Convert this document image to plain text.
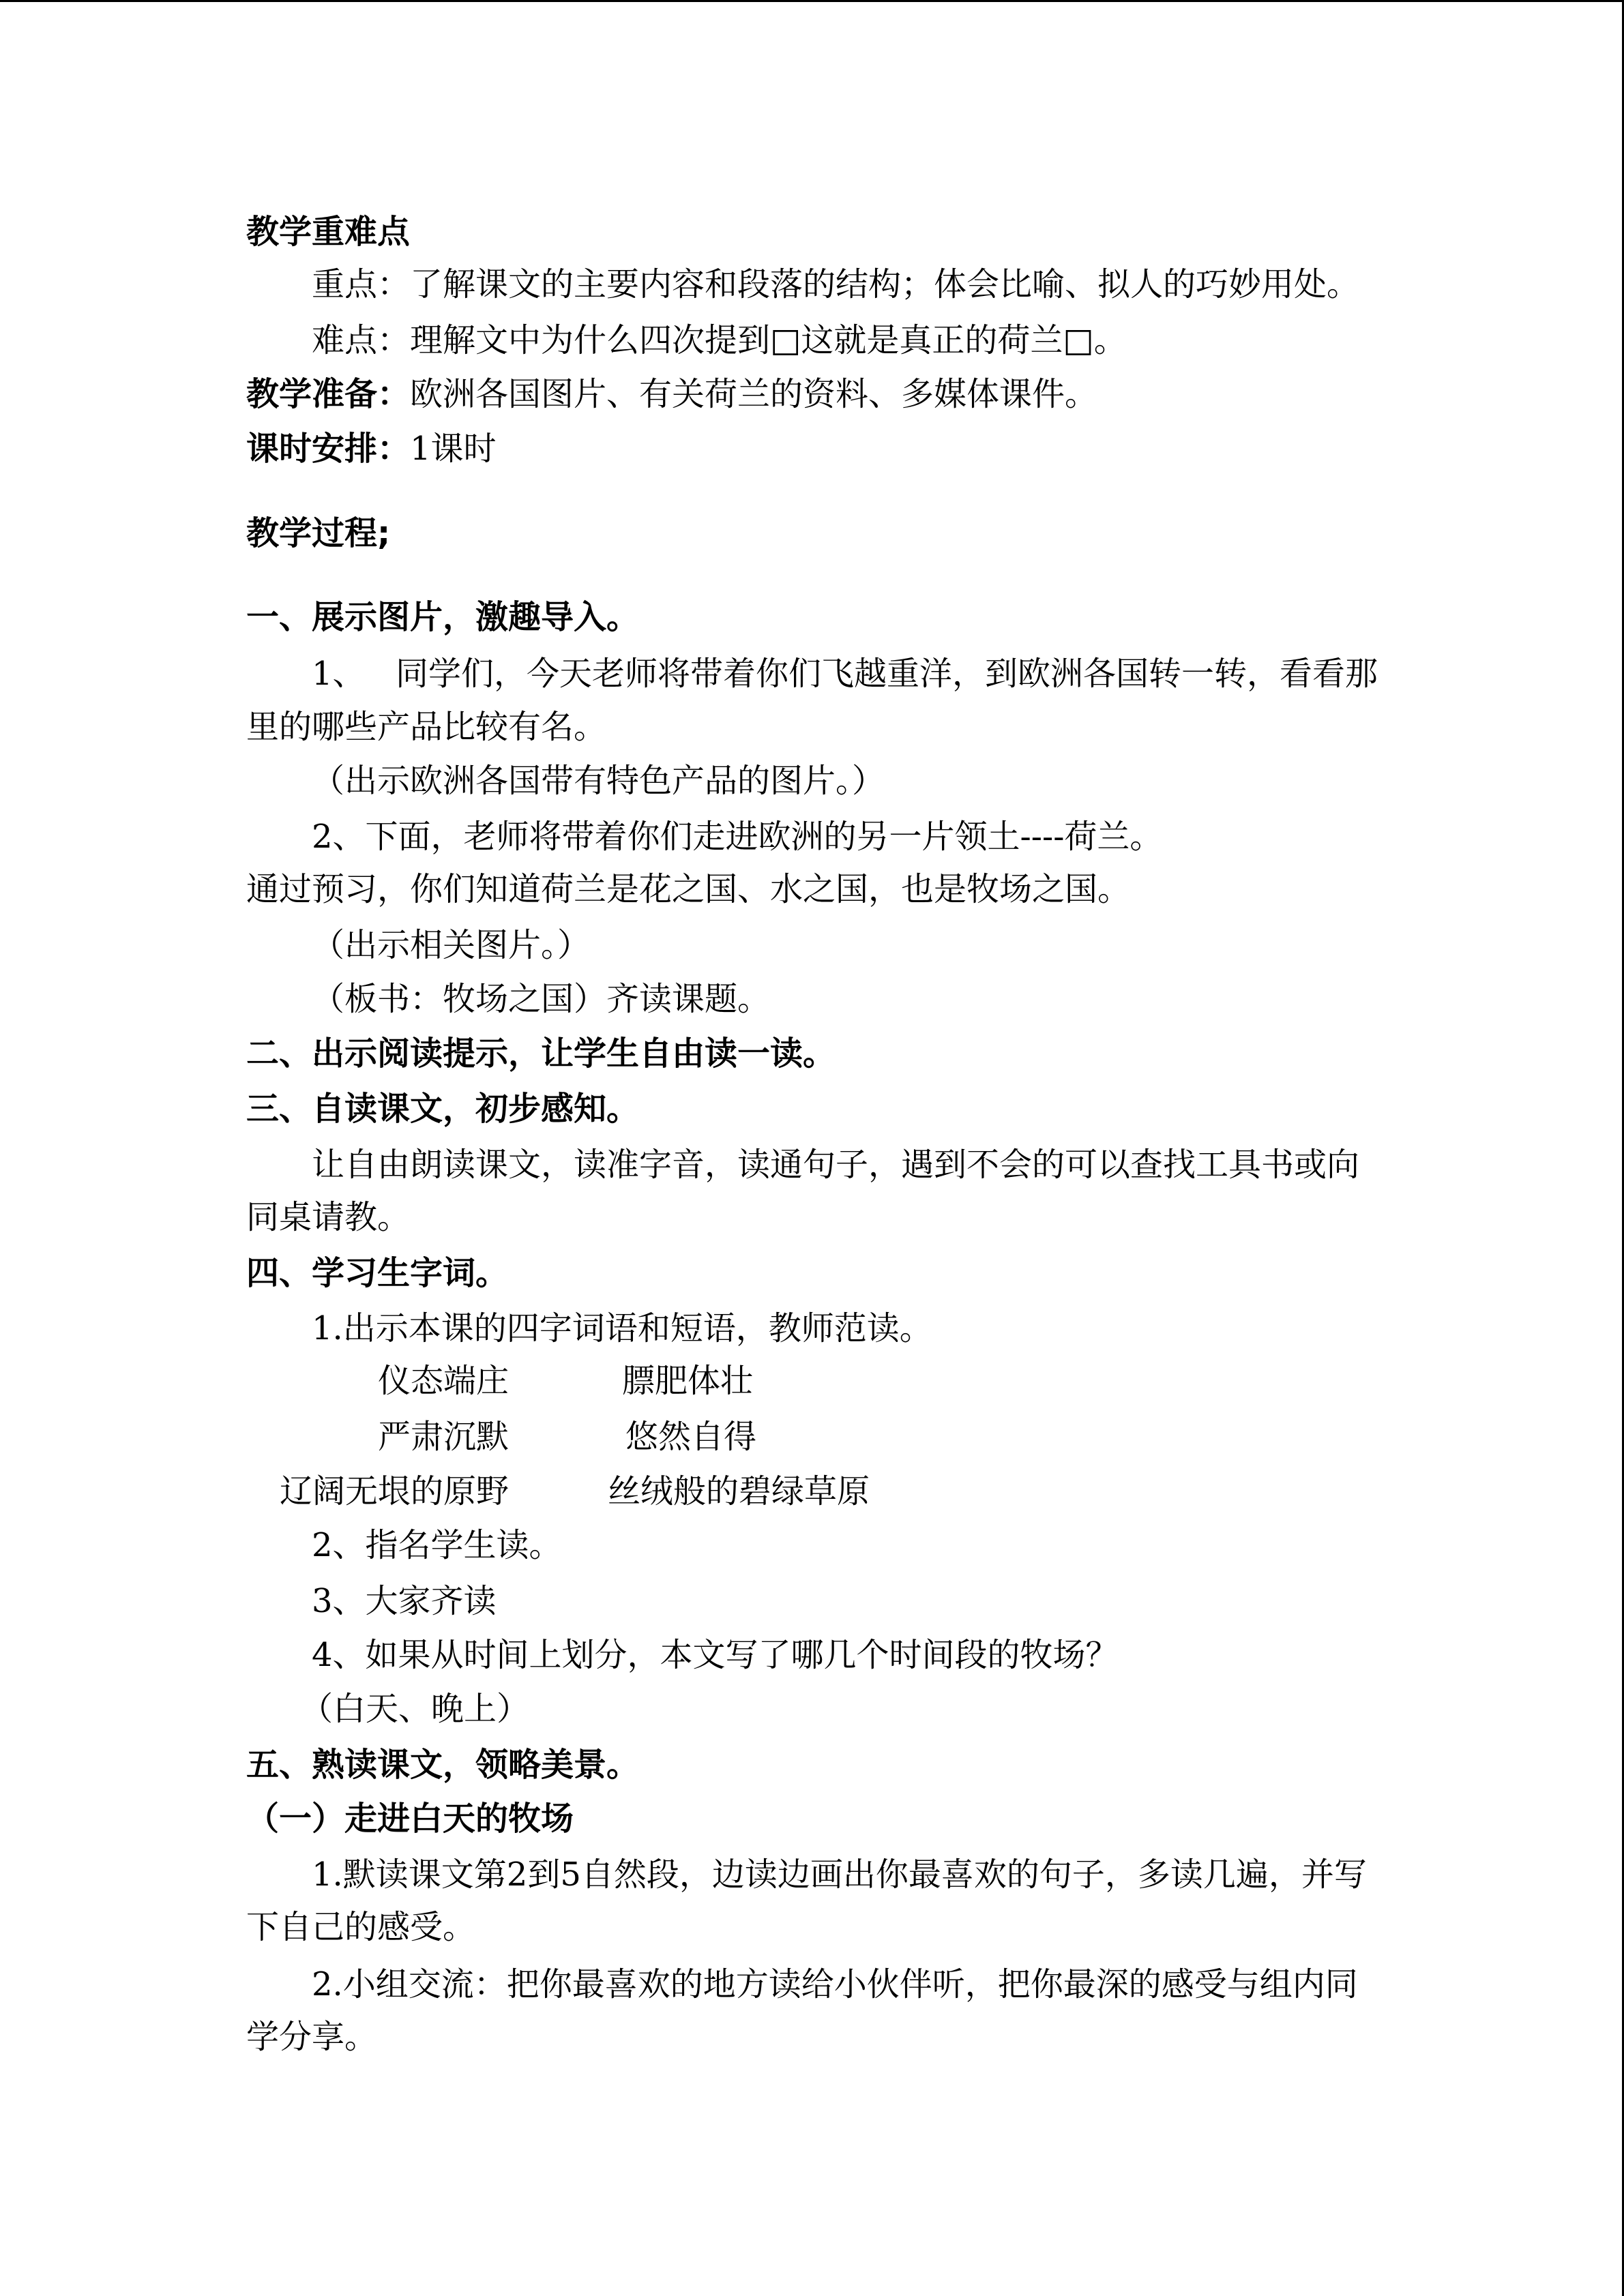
教学重难点
重点：了解课文的主要内容和段落的结构；体会比喻、拟人的巧妙用处。
难点：理解文中为什么四次提到□这就是真正的荷兰□。
教学准备：欧洲各国图片、有关荷兰的资料、多媒体课件。
课时安排：1课时
教学过程;
一、展示图片，激趣导入。
1、 同学们，今天老师将带着你们飞越重洋，到欧洲各国转一转，看看那
里的哪些产品比较有名。
（出示欧洲各国带有特色产品的图片。）
2、下面，老师将带着你们走进欧洲的另一片领土----荷兰。
通过预习，你们知道荷兰是花之国、水之国，也是牧场之国。
（出示相关图片。）
（板书：牧场之国）齐读课题。
二、出示阅读提示，让学生自由读一读。
三、自读课文，初步感知。
让自由朗读课文，读准字音，读通句子，遇到不会的可以查找工具书或向
同桌请教。
四、学习生字词。
1.出示本课的四字词语和短语，教师范读。
仪态端庄	膘肥体壮
严肃沉默	悠然自得
辽阔无垠的原野	丝绒般的碧绿草原
2、指名学生读。
3、大家齐读
4、如果从时间上划分，本文写了哪几个时间段的牧场？
（白天、晚上）
五、熟读课文，领略美景。
（一）走进白天的牧场
1.默读课文第2到5自然段，边读边画出你最喜欢的句子，多读几遍，并写
下自己的感受。
2.小组交流：把你最喜欢的地方读给小伙伴听，把你最深的感受与组内同
学分享。
